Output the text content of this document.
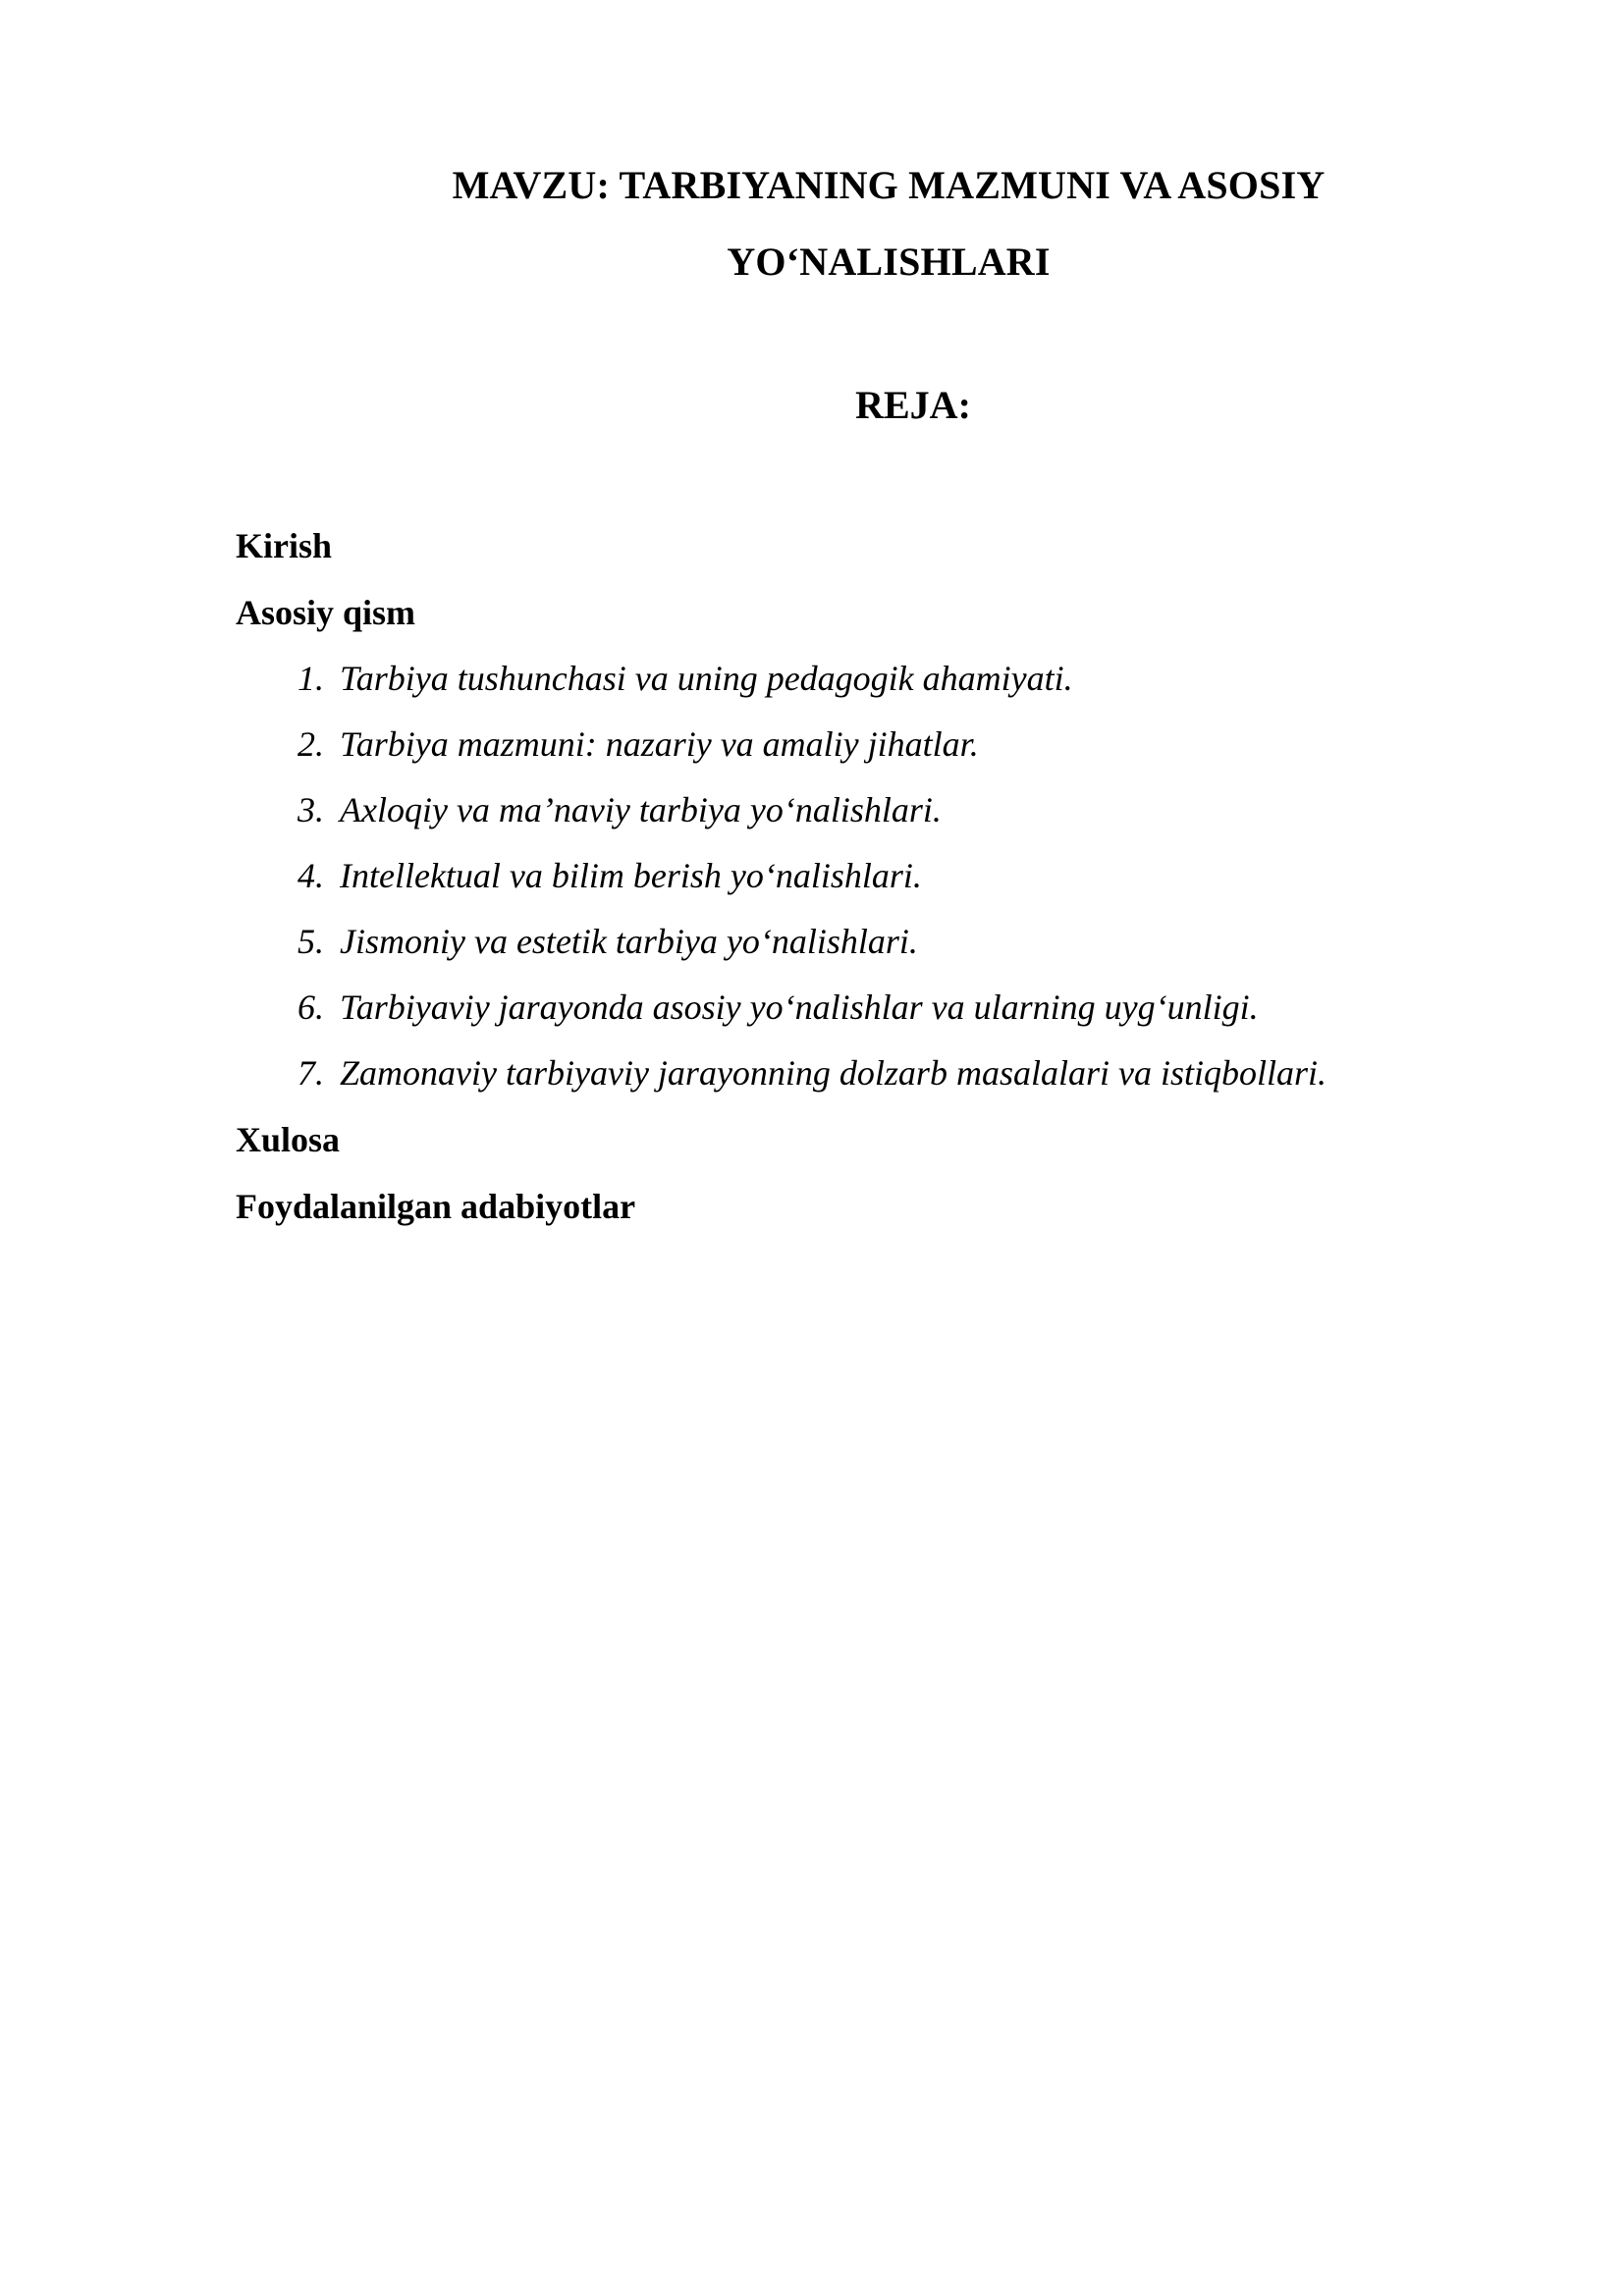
MAVZU: TARBIYANING MAZMUNI VA ASOSIY
YO‘NALISHLARI
REJA:

Kirish

Asosiy qism

1. Tarbiya tushunchasi va uning pedagogik ahamiyati.
2. Tarbiya mazmuni: nazariy va amaliy jihatlar.
3. Axloqiy va ma’naviy tarbiya yo‘nalishlari.
4. Intellektual va bilim berish yo‘nalishlari.
5. Jismoniy va estetik tarbiya yo‘nalishlari.
6. Tarbiyaviy jarayonda asosiy yo‘nalishlar va ularning uyg‘unligi.
7. Zamonaviy tarbiyaviy jarayonning dolzarb masalalari va istiqbollari.

Xulosa

Foydalanilgan adabiyotlar
